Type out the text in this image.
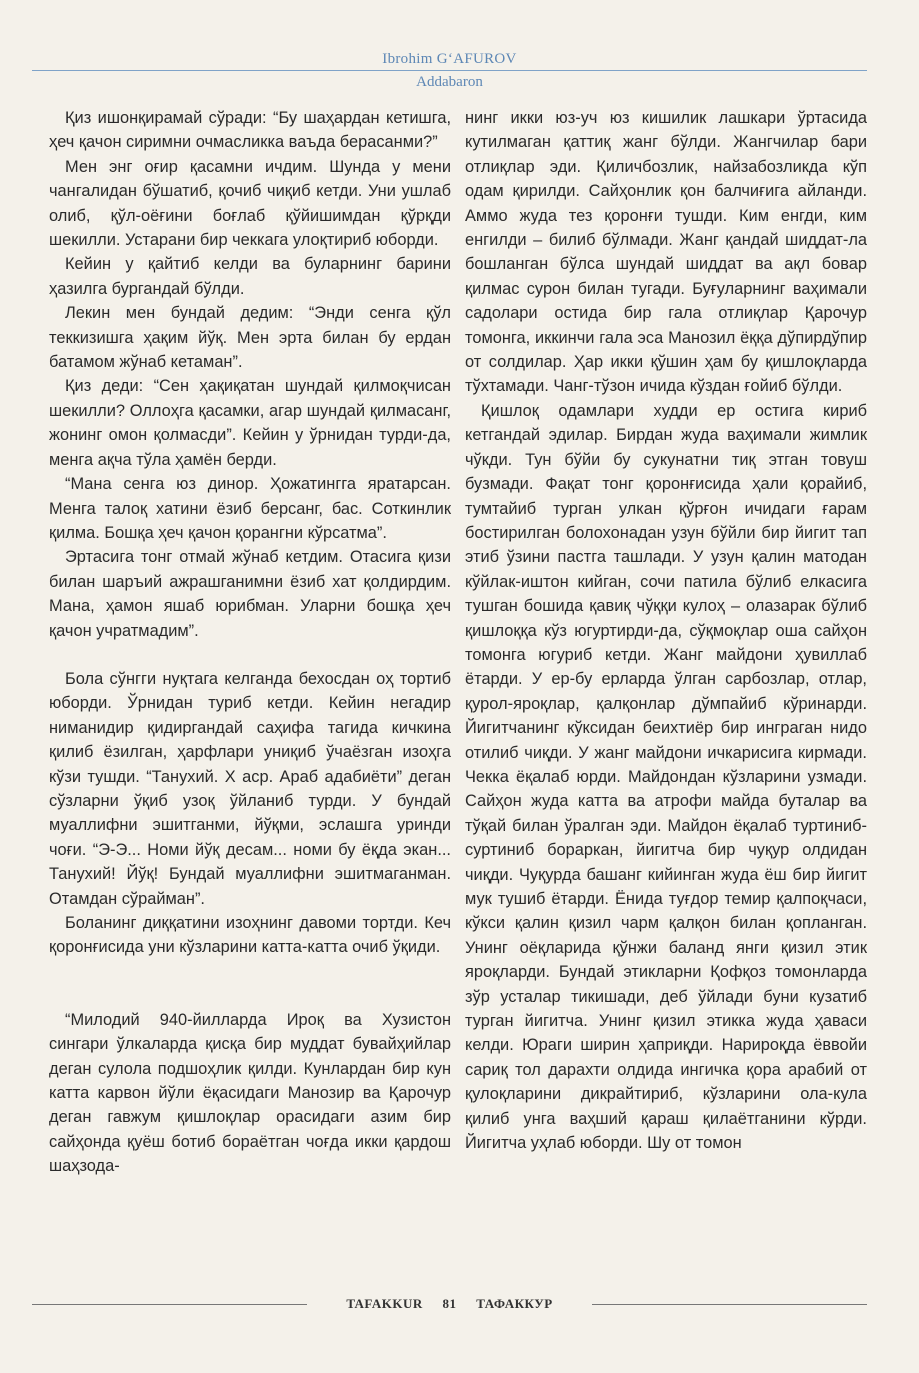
Ibrohim G‘AFUROV
Addabaron

Қиз ишонқирамай сўради: “Бу шаҳардан кетишга, ҳеч қачон сиримни очмасликка ваъда берасанми?”

Мен энг оғир қасамни ичдим. Шунда у мени чангалидан бўшатиб, қочиб чиқиб кетди. Уни ушлаб олиб, қўл-оёғини боғлаб қўйишимдан қўрқди шекилли. Устарани бир чеккага улоқтириб юборди.

Кейин у қайтиб келди ва буларнинг барини ҳазилга бургандай бўлди.

Лекин мен бундай дедим: “Энди сенга қўл теккизишга ҳақим йўқ. Мен эрта билан бу ердан батамом жўнаб кетаман”.

Қиз деди: “Сен ҳақиқатан шундай қилмоқчисан шекилли? Оллоҳга қасамки, агар шундай қилмасанг, жонинг омон қолмасди”. Кейин у ўрнидан турди-да, менга ақча тўла ҳамён берди.

“Мана сенга юз динор. Ҳожатингга яратарсан. Менга талоқ хатини ёзиб берсанг, бас. Соткинлик қилма. Бошқа ҳеч қачон қорангни кўрсатма”.

Эртасига тонг отмай жўнаб кетдим. Отасига қизи билан шаръий ажрашганимни ёзиб хат қолдирдим. Мана, ҳамон яшаб юрибман. Уларни бошқа ҳеч қачон учратмадим”.

Бола сўнгги нуқтага келганда бехосдан оҳ тортиб юборди. Ўрнидан туриб кетди. Кейин негадир ниманидир қидиргандай саҳифа тагида кичкина қилиб ёзилган, ҳарфлари униқиб ўчаёзган изоҳга кўзи тушди. “Танухий. Х аср. Араб адабиёти” деган сўзларни ўқиб узоқ ўйланиб турди. У бундай муаллифни эшитганми, йўқми, эслашга уринди чоғи. “Э-Э... Номи йўқ десам... номи бу ёқда экан... Танухий! Йўқ! Бундай муаллифни эшитмаганман. Отамдан сўрайман”.

Боланинг диққатини изоҳнинг давоми тортди. Кеч қоронғисида уни кўзларини катта-катта очиб ўқиди.

“Милодий 940-йилларда Ироқ ва Хузистон сингари ўлкаларда қисқа бир муддат бувайҳийлар деган сулола подшоҳлик қилди. Кунлардан бир кун катта карвон йўли ёқасидаги Манозир ва Қарочур деган гавжум қишлоқлар орасидаги азим бир сайҳонда қуёш ботиб бораётган чоғда икки қардош шаҳзода-

нинг икки юз-уч юз кишилик лашкари ўртасида кутилмаган қаттиқ жанг бўлди. Жангчилар бари отлиқлар эди. Қиличбозлик, найзабозликда кўп одам қирилди. Сайҳонлик қон балчиғига айланди. Аммо жуда тез қоронғи тушди. Ким енгди, ким енгилди – билиб бўлмади. Жанг қандай шиддат-ла бошланган бўлса шундай шиддат ва ақл бовар қилмас сурон билан тугади. Буғуларнинг ваҳимали садолари остида бир гала отлиқлар Қарочур томонга, иккинчи гала эса Манозил ёққа дўпирдўпир от солдилар. Ҳар икки қўшин ҳам бу қишлоқларда тўхтамади. Чанг-тўзон ичида кўздан ғойиб бўлди.

Қишлоқ одамлари худди ер остига кириб кетгандай эдилар. Бирдан жуда ваҳимали жимлик чўкди. Тун бўйи бу сукунатни тиқ этган товуш бузмади. Фақат тонг қоронғисида ҳали қорайиб, тумтайиб турган улкан қўрғон ичидаги ғарам бостирилган болохонадан узун бўйли бир йигит тап этиб ўзини пастга ташлади. У узун қалин матодан кўйлак-иштон кийган, сочи патила бўлиб елкасига тушган бошида қавиқ чўққи кулоҳ – олазарак бўлиб қишлоққа кўз югуртирди-да, сўқмоқлар оша сайҳон томонга югуриб кетди. Жанг майдони ҳувиллаб ётарди. У ер-бу ерларда ўлган сарбозлар, отлар, қурол-яроқлар, қалқонлар дўмпайиб кўринарди. Йигитчанинг кўксидан беихтиёр бир инграган нидо отилиб чиқди. У жанг майдони ичкарисига кирмади. Чекка ёқалаб юрди. Майдондан кўзларини узмади. Сайҳон жуда катта ва атрофи майда буталар ва тўқай билан ўралган эди. Майдон ёқалаб туртиниб-суртиниб бораркан, йигитча бир чуқур олдидан чиқди. Чуқурда башанг кийинган жуда ёш бир йигит мук тушиб ётарди. Ёнида туғдор темир қалпоқчаси, кўкси қалин қизил чарм қалқон билан қопланган. Унинг оёқларида қўнжи баланд янги қизил этик яроқларди. Бундай этикларни Қофқоз томонларда зўр усталар тикишади, деб ўйлади буни кузатиб турган йигитча. Унинг қизил этикка жуда ҳаваси келди. Юраги ширин ҳаприқди. Нарироқда ёввойи сариқ тол дарахти олдида ингичка қора арабий от қулоқларини дикрайтириб, кўзларини ола-кула қилиб унга ваҳший қараш қилаётганини кўрди. Йигитча уҳлаб юборди. Шу от томон

TAFAKKUR 81 ТАФАККУР
